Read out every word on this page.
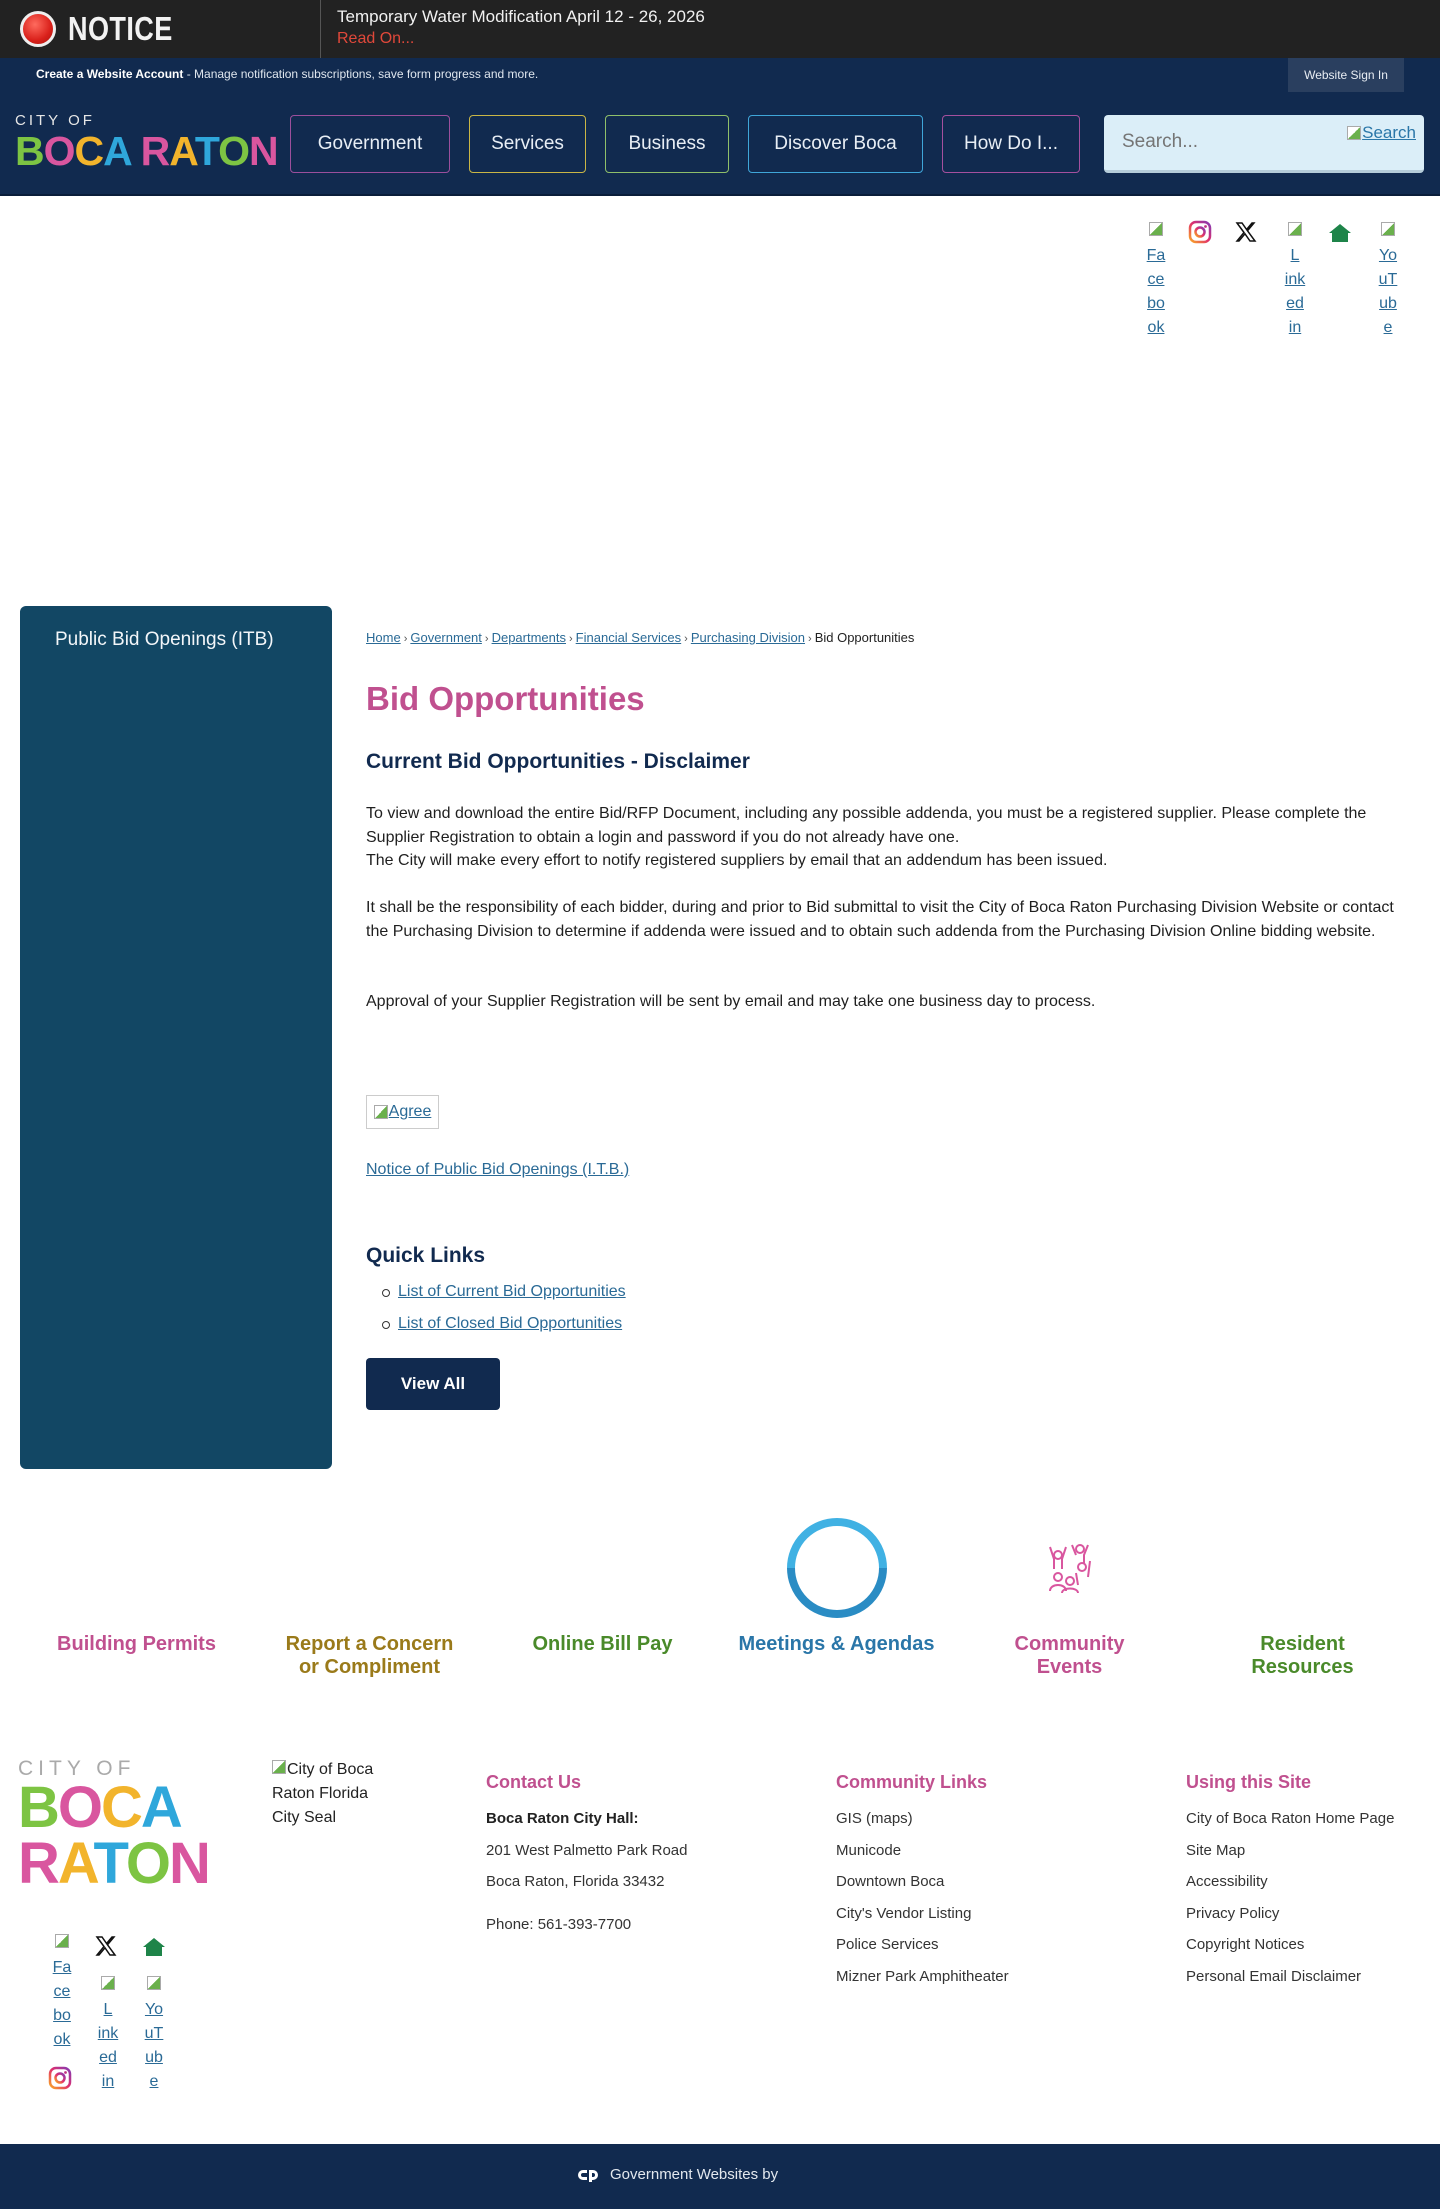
NOTICE	Temporary Water Modification April 12 - 26, 2026
Read On...
Create a Website Account - Manage notification subscriptions, save form progress and more.	Website Sign In
CITY OF
BOCA RATON	Government	Services	Business	Discover Boca	How Do I...
Search...
Search
Fa ce bo ok
L ink ed in
Yo uT ub e
Public Bid Openings (ITB)	Home › Government › Departments › Financial Services › Purchasing Division › Bid Opportunities
Bid Opportunities
Current Bid Opportunities - Disclaimer

To view and download the entire Bid/RFP Document, including any possible addenda, you must be a registered supplier. Please complete the Supplier Registration to obtain a login and password if you do not already have one.

The City will make every effort to notify registered suppliers by email that an addendum has been issued.

It shall be the responsibility of each bidder, during and prior to Bid submittal to visit the City of Boca Raton Purchasing Division Website or contact the Purchasing Division to determine if addenda were issued and to obtain such addenda from the Purchasing Division Online bidding website.

Approval of your Supplier Registration will be sent by email and may take one business day to process.

Agree
Notice of Public Bid Openings (I.T.B.)
Quick Links
List of Current Bid Opportunities
List of Closed Bid Opportunities
View All
Building Permits	Report a Concern or Compliment
Online Bill Pay	Meetings & Agendas	Community Events
Resident Resources
CITY OF
BOCA
RATON
City of Boca Raton Florida City Seal
Contact Us
Boca Raton City Hall:
201 West Palmetto Park Road
Boca Raton, Florida 33432
Phone: 561-393-7700
Community Links
GIS (maps)
Municode
Downtown Boca
City's Vendor Listing
Police Services
Mizner Park Amphitheater
Using this Site
City of Boca Raton Home Page
Site Map
Accessibility
Privacy Policy
Copyright Notices
Personal Email Disclaimer
Fa ce bo ok
L ink ed in
Yo uT ub e
Government Websites by
